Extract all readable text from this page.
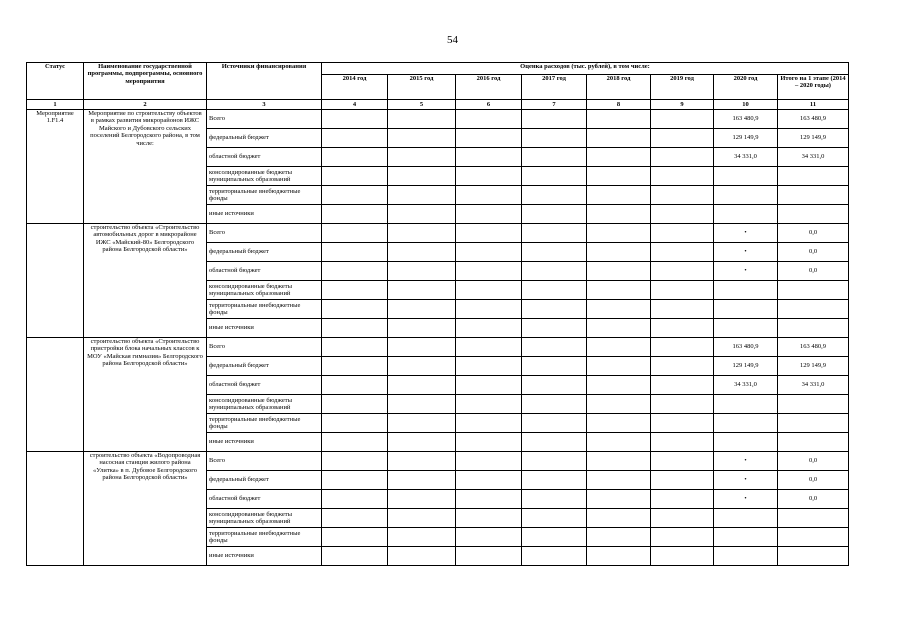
54
Статус	Наименование государственной программы, подпрограммы, основного мероприятия	Источники финансирования	Оценка расходов (тыс. рублей), в том числе:							
			2014 год	2015 год	2016 год	2017 год	2018 год	2019 год	2020 год	Итого на 1 этапе (2014 – 2020 годы)
1	2	3	4	5	6	7	8	9	10	11
Мероприятие 1.F1.4	Мероприятие по строительству объектов в рамках развития микрорайонов ИЖС Майского и Дубовского сельских поселений Белгородского района, в том числе:	Всего							163 480,9	163 480,9
		федеральный бюджет							129 149,9	129 149,9
		областной бюджет							34 331,0	34 331,0
		консолидированные бюджеты муниципальных образований								
		территориальные внебюджетные фонды								
		иные источники								
	строительство объекта «Строительство автомобильных дорог в микрорайоне ИЖС «Майский-80» Белгородского района Белгородской области»	Всего							•	0,0
		федеральный бюджет							•	0,0
		областной бюджет							•	0,0
		консолидированные бюджеты муниципальных образований								
		территориальные внебюджетные фонды								
		иные источники								
	строительство объекта «Строительство пристройки блока начальных классов к МОУ «Майская гимназия» Белгородского района Белгородской области»	Всего							163 480,9	163 480,9
		федеральный бюджет							129 149,9	129 149,9
		областной бюджет							34 331,0	34 331,0
		консолидированные бюджеты муниципальных образований								
		территориальные внебюджетные фонды								
		иные источники								
	строительство объекта «Водопроводная насосная станция жилого района «Улитка» в п. Дубовое Белгородского района Белгородской области»	Всего							•	0,0
		федеральный бюджет							•	0,0
		областной бюджет							•	0,0
		консолидированные бюджеты муниципальных образований								
		территориальные внебюджетные фонды								
		иные источники								
